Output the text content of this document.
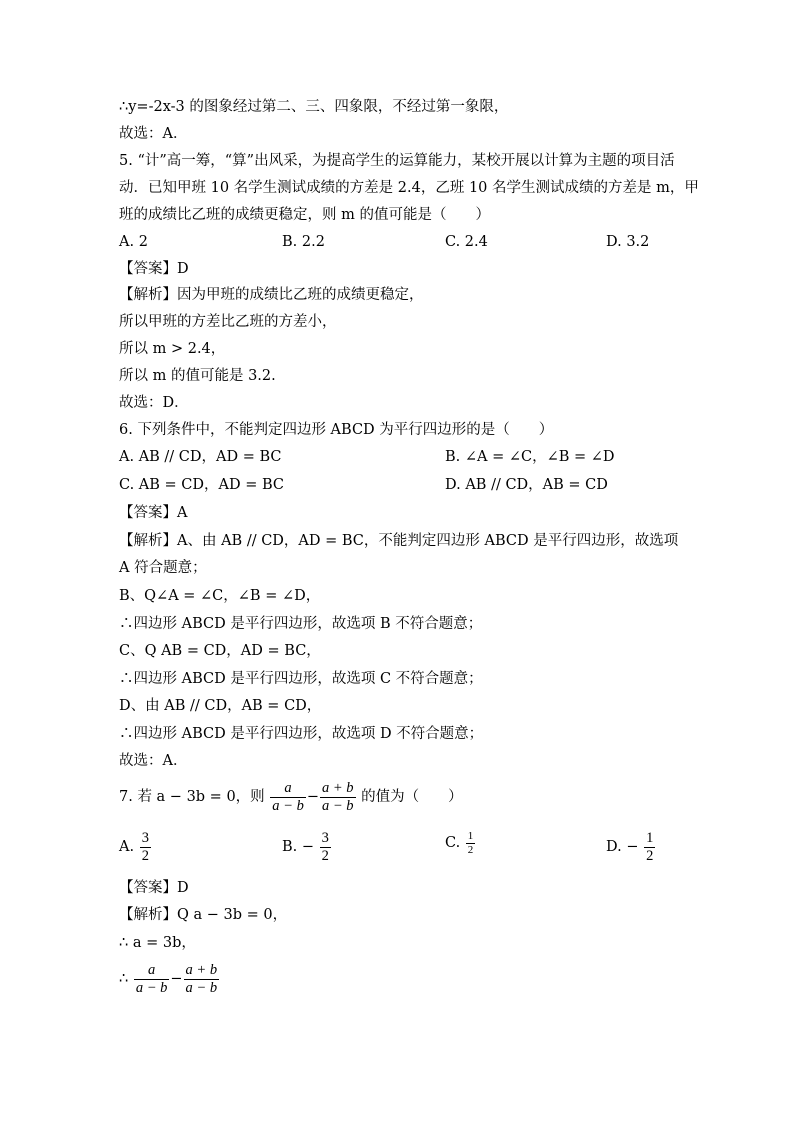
∴y=-2x-3 的图象经过第二、三、四象限，不经过第一象限，
故选：A．
5. “计”高一筹，“算”出风采，为提高学生的运算能力，某校开展以计算为主题的项目活
动．已知甲班 10 名学生测试成绩的方差是 2.4，乙班 10 名学生测试成绩的方差是 m，甲
班的成绩比乙班的成绩更稳定，则 m 的值可能是（　　）
A. 2	B. 2.2	C. 2.4	D. 3.2
【答案】D
【解析】因为甲班的成绩比乙班的成绩更稳定，
所以甲班的方差比乙班的方差小，
所以 m > 2.4，
所以 m 的值可能是 3.2.
故选：D．
6. 下列条件中，不能判定四边形 ABCD 为平行四边形的是（　　）
A. AB // CD，AD = BC	B. ∠A = ∠C，∠B = ∠D
C. AB = CD，AD = BC	D. AB // CD，AB = CD
【答案】A
【解析】A、由 AB // CD，AD = BC，不能判定四边形 ABCD 是平行四边形，故选项
A 符合题意；
B、Q∠A = ∠C，∠B = ∠D，
∴四边形 ABCD 是平行四边形，故选项 B 不符合题意；
C、Q AB = CD，AD = BC，
∴四边形 ABCD 是平行四边形，故选项 C 不符合题意；
D、由 AB // CD，AB = CD，
∴四边形 ABCD 是平行四边形，故选项 D 不符合题意；
故选：A．
7. 若 a − 3b = 0，则 $\frac{a}{a - b} - \frac{a + b}{a - b}$ 的值为（　　）
A. $\frac{3}{2}$	B. − $\frac{3}{2}$	C. $\frac{1}{2}$	D. − $\frac{1}{2}$
【答案】D
【解析】Q a − 3b = 0，
∴ a = 3b，
∴ $\frac{a}{a - b} - \frac{a + b}{a - b}$
